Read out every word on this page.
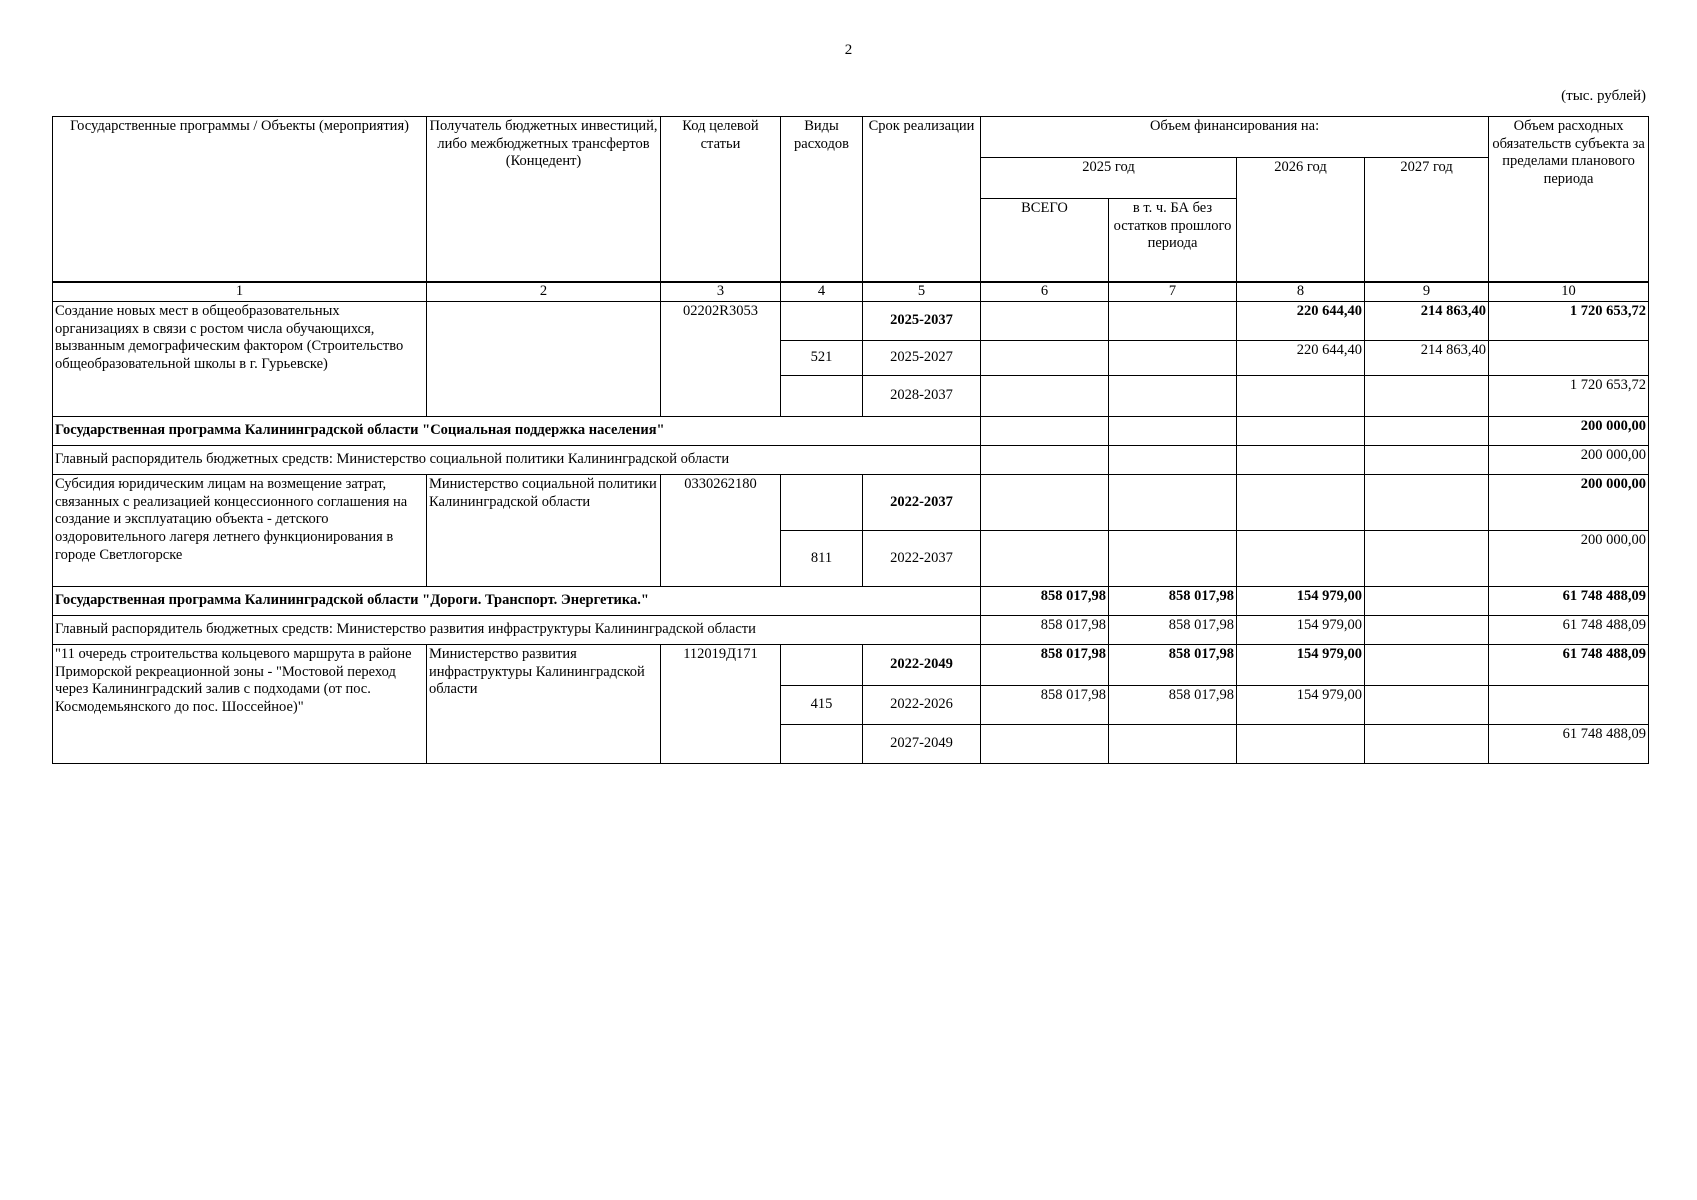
2
(тыс. рублей)
Государственные программы / Объекты (мероприятия)	Получатель бюджетных инвестиций, либо межбюджетных трансфертов (Концедент)	Код целевой статьи	Виды расходов	Срок реализации	Объем финансирования на:				Объем расходных обязательств субъекта за пределами планового периода
					2025 год		2026 год	2027 год	
					ВСЕГО	в т. ч. БА без остатков прошлого периода			
1	2	3	4	5	6	7	8	9	10
Создание новых мест в общеобразовательных организациях в связи с ростом числа обучающихся, вызванным демографическим фактором (Строительство общеобразовательной школы в г. Гурьевске)		02202R3053		2025-2037			220 644,40	214 863,40	1 720 653,72
			521	2025-2027			220 644,40	214 863,40	
				2028-2037					1 720 653,72
Государственная программа Калининградской области "Социальная поддержка населения"									200 000,00
Главный распорядитель бюджетных средств: Министерство социальной политики Калининградской области									200 000,00
Субсидия юридическим лицам на возмещение затрат, связанных с реализацией концессионного соглашения на создание и эксплуатацию объекта - детского оздоровительного лагеря летнего функционирования в городе Светлогорске	Министерство социальной политики Калининградской области	0330262180		2022-2037					200 000,00
			811	2022-2037					200 000,00
Государственная программа Калининградской области "Дороги. Транспорт. Энергетика."					858 017,98	858 017,98	154 979,00		61 748 488,09
Главный распорядитель бюджетных средств: Министерство развития инфраструктуры Калининградской области					858 017,98	858 017,98	154 979,00		61 748 488,09
"11 очередь строительства кольцевого маршрута в районе Приморской рекреационной зоны - "Мостовой переход через Калининградский залив с подходами (от пос. Космодемьянского до пос. Шоссейное)"	Министерство развития инфраструктуры Калининградской области	112019Д171		2022-2049	858 017,98	858 017,98	154 979,00		61 748 488,09
			415	2022-2026	858 017,98	858 017,98	154 979,00		
				2027-2049					61 748 488,09
